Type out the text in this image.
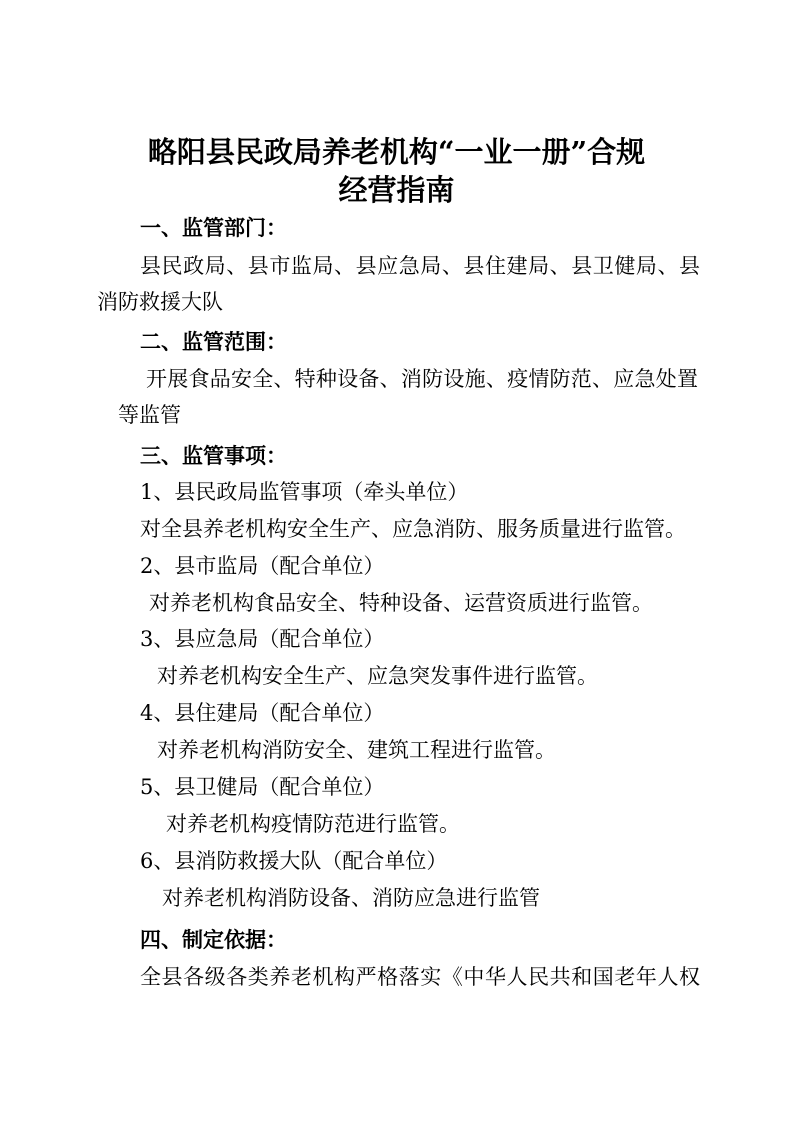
略阳县民政局养老机构“一业一册”合规
经营指南
一、监管部门：
县民政局、县市监局、县应急局、县住建局、县卫健局、县
消防救援大队
二、监管范围：
开展食品安全、特种设备、消防设施、疫情防范、应急处置
等监管
三、监管事项：
1、县民政局监管事项（牵头单位）
对全县养老机构安全生产、应急消防、服务质量进行监管。
2、县市监局（配合单位）
对养老机构食品安全、特种设备、运营资质进行监管。
3、县应急局（配合单位）
对养老机构安全生产、应急突发事件进行监管。
4、县住建局（配合单位）
对养老机构消防安全、建筑工程进行监管。
5、县卫健局（配合单位）
对养老机构疫情防范进行监管。
6、县消防救援大队（配合单位）
对养老机构消防设备、消防应急进行监管
四、制定依据：
全县各级各类养老机构严格落实《中华人民共和国老年人权
